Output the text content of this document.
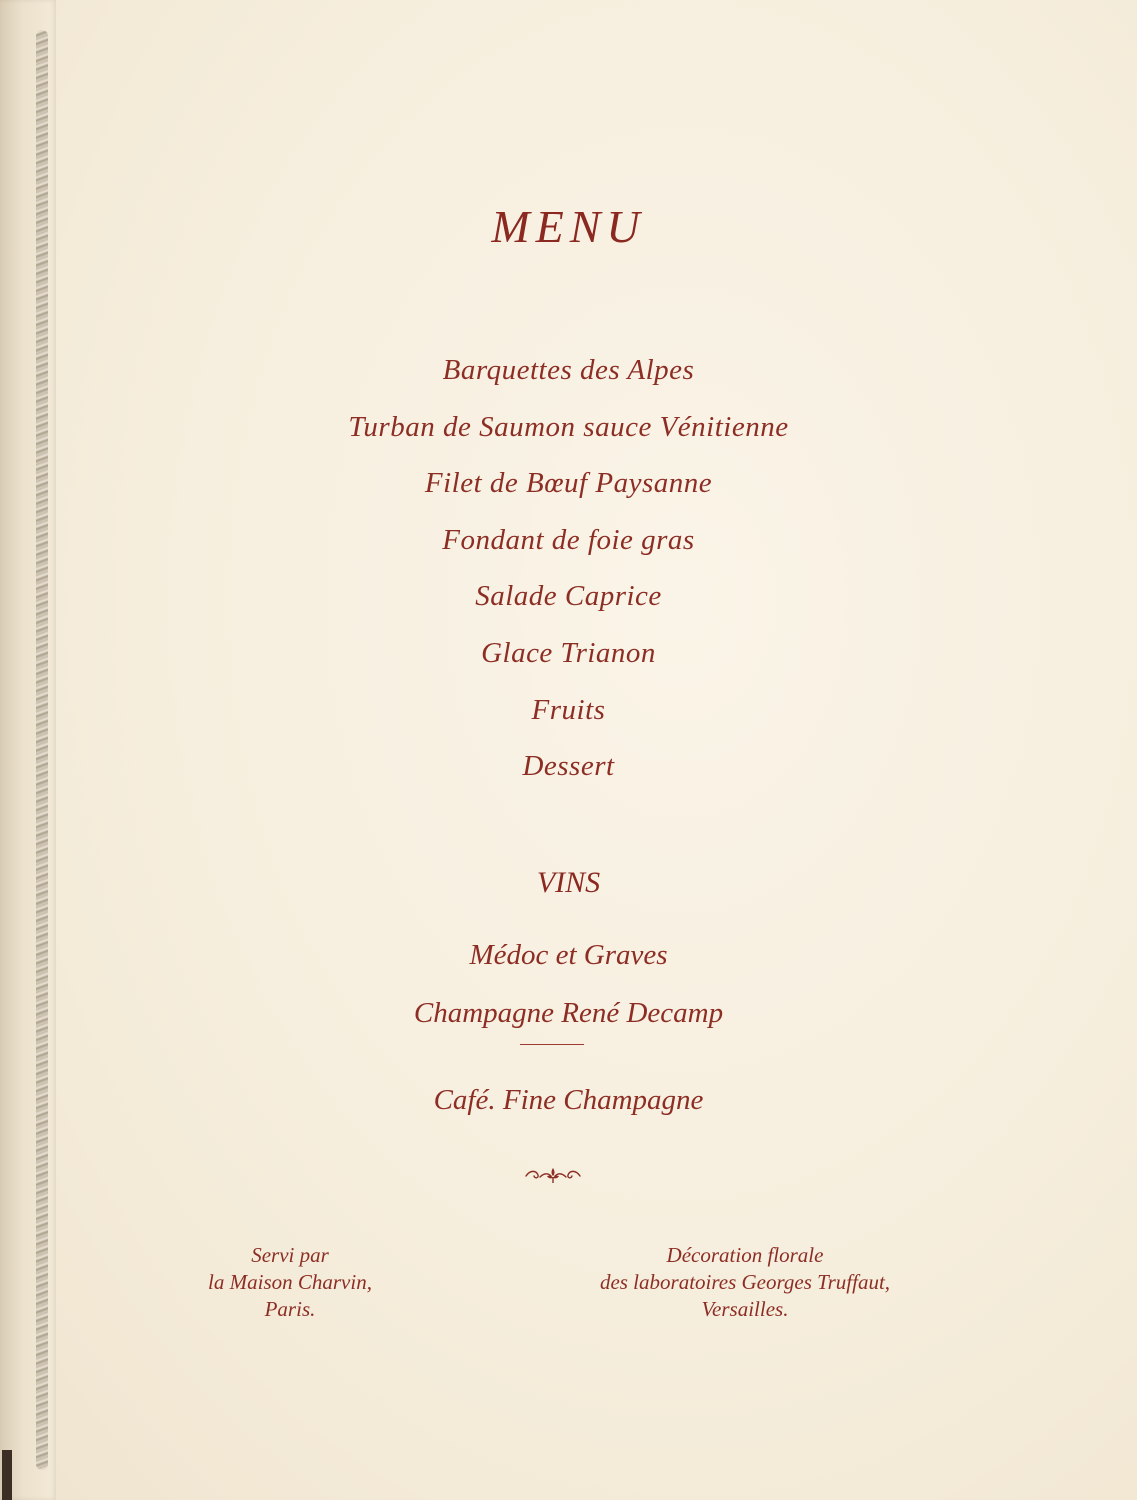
MENU
Barquettes des Alpes
Turban de Saumon sauce Vénitienne
Filet de Bœuf Paysanne
Fondant de foie gras
Salade Caprice
Glace Trianon
Fruits
Dessert
VINS
Médoc et Graves
Champagne René Decamp
Café. Fine Champagne
Servi par
la Maison Charvin,
Paris.
Décoration florale
des laboratoires Georges Truffaut,
Versailles.
